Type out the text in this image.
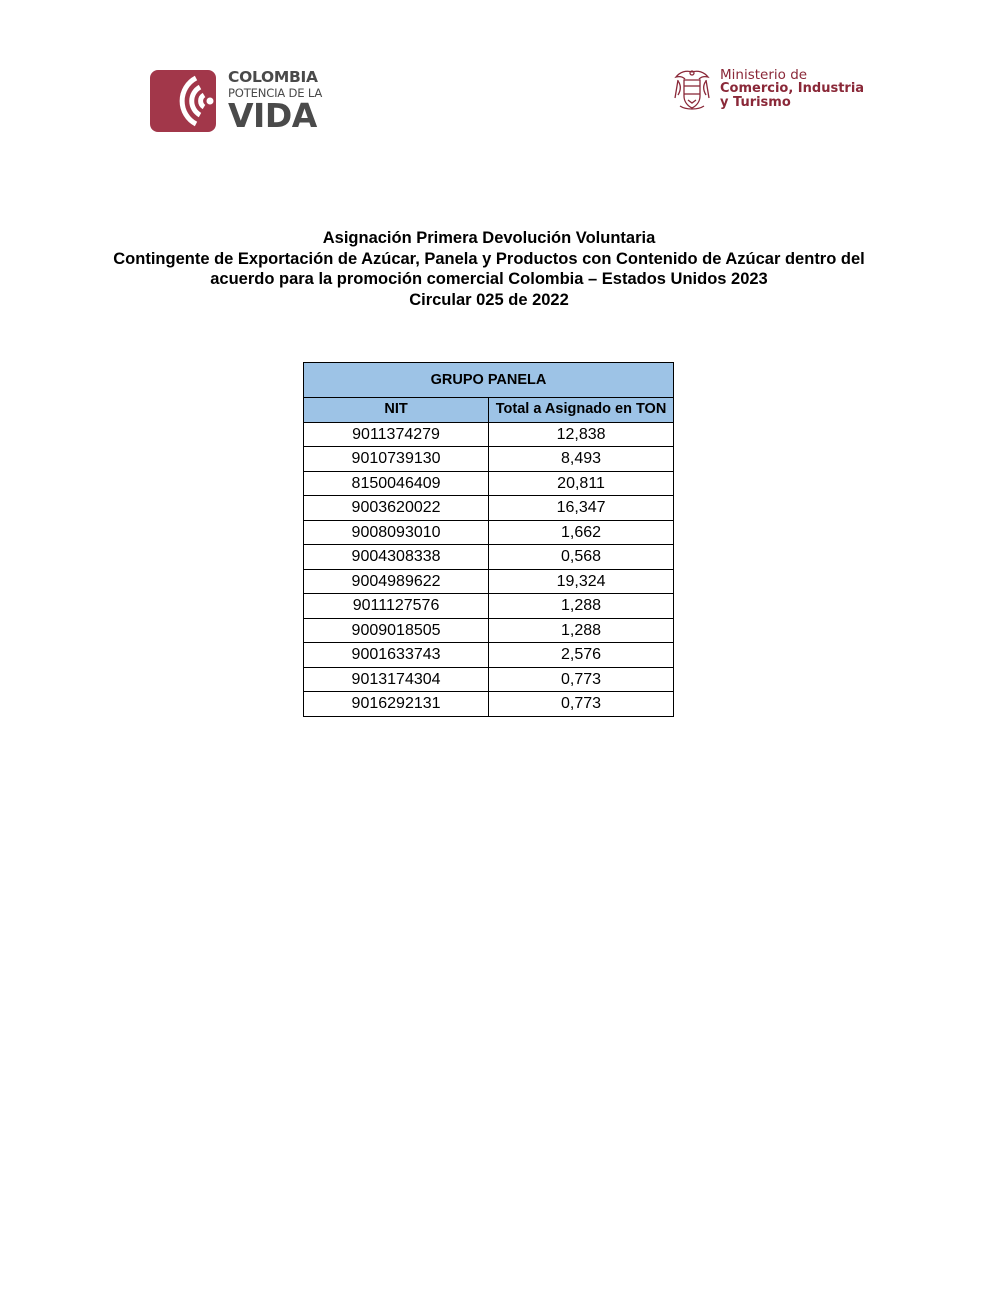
COLOMBIA
POTENCIA DE LA
VIDA
Ministerio de
Comercio, Industria
y Turismo
Asignación Primera Devolución Voluntaria
Contingente de Exportación de Azúcar, Panela y Productos con Contenido de Azúcar dentro del
acuerdo para la promoción comercial Colombia – Estados Unidos 2023
Circular 025 de 2022
GRUPO PANELA	
NIT	Total a Asignado en TON
9011374279	12,838
9010739130	8,493
8150046409	20,811
9003620022	16,347
9008093010	1,662
9004308338	0,568
9004989622	19,324
9011127576	1,288
9009018505	1,288
9001633743	2,576
9013174304	0,773
9016292131	0,773
